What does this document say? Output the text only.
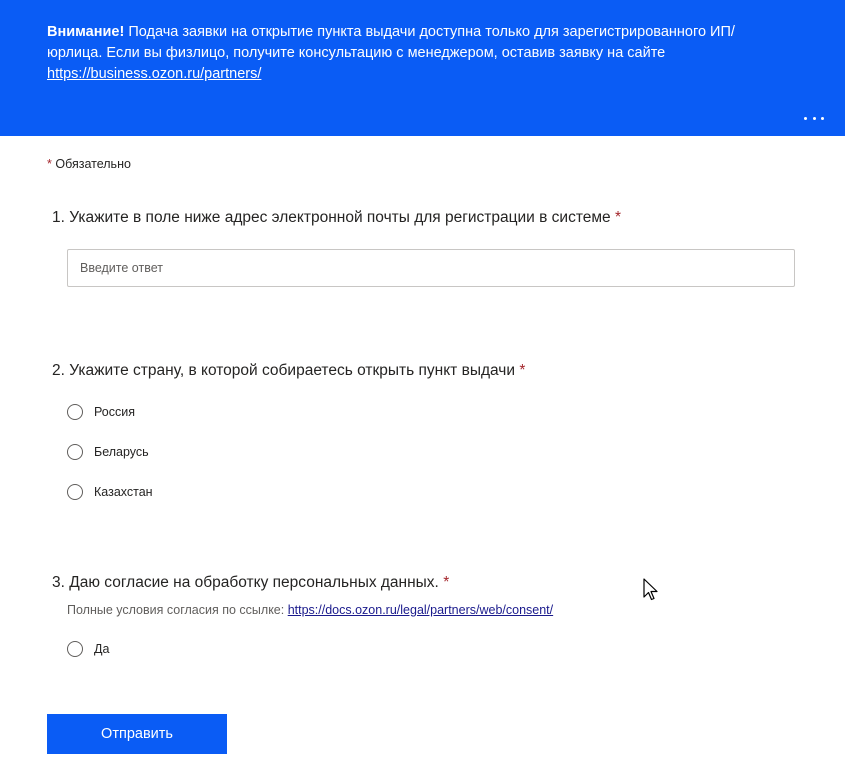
Внимание! Подача заявки на открытие пункта выдачи доступна только для зарегистрированного ИП/юрлица. Если вы физлицо, получите консультацию с менеджером, оставив заявку на сайте https://business.ozon.ru/partners/
* Обязательно
1. Укажите в поле ниже адрес электронной почты для регистрации в системе *
Введите ответ
2. Укажите страну, в которой собираетесь открыть пункт выдачи *
Россия
Беларусь
Казахстан
3. Даю согласие на обработку персональных данных. *
Полные условия согласия по ссылке: https://docs.ozon.ru/legal/partners/web/consent/
Да
Отправить
